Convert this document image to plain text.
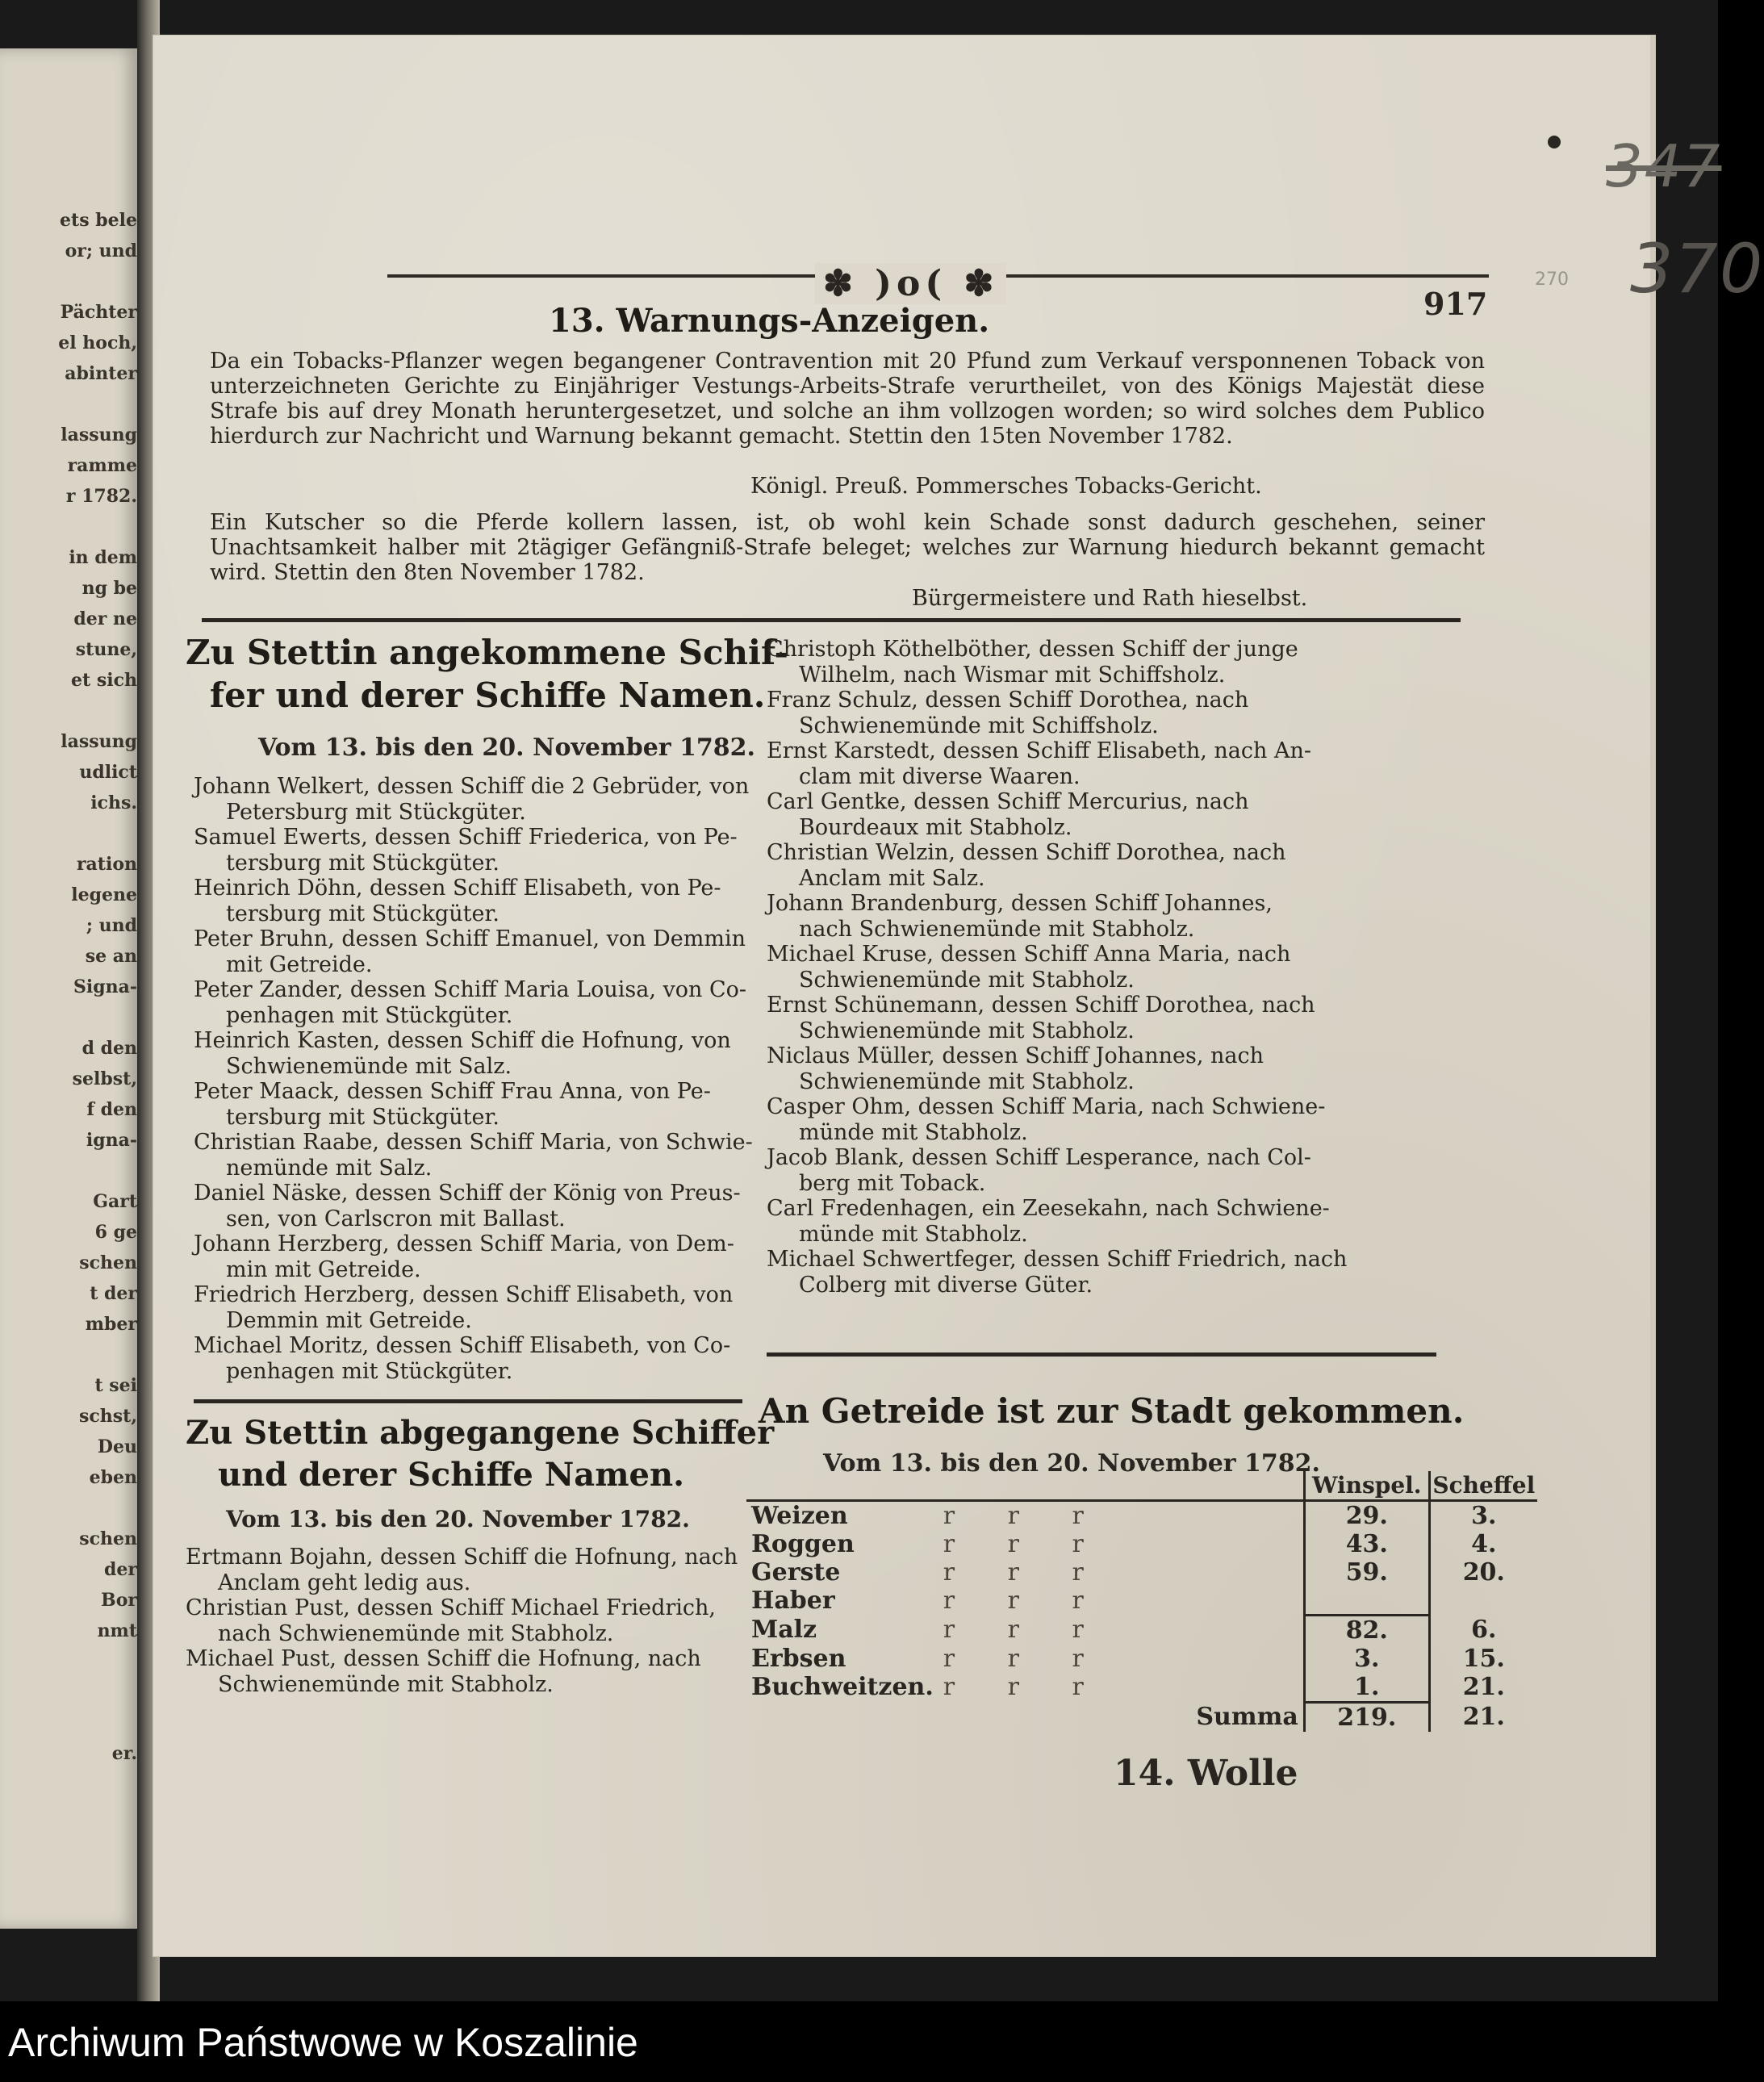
ets bele
or; und
Pächter
el hoch,
abinter
lassung
ramme
r 1782.
in dem
ng be
der ne
stune,
et sich
lassung
udlict
ichs.
ration
legene
; und
se an
Signa-
d den
selbst,
f den
igna-
Gart
6 ge
schen
t der
mber
t sei
schst,
Deu
eben
schen
der
Bor
nmt
er.
347
370
270
✽ )o( ✽	917
13. Warnungs-Anzeigen.
Da ein Tobacks-Pflanzer wegen begangener Contravention mit 20 Pfund zum Verkauf versponnenen Toback von unterzeichneten Gerichte zu Einjähriger Vestungs-Arbeits-Strafe verurtheilet, von des Königs Majestät diese Strafe bis auf drey Monath heruntergesetzet, und solche an ihm vollzogen worden; so wird solches dem Publico hierdurch zur Nachricht und Warnung bekannt gemacht. Stettin den 15ten November 1782.
Königl. Preuß. Pommersches Tobacks-Gericht.
Ein Kutscher so die Pferde kollern lassen, ist, ob wohl kein Schade sonst dadurch geschehen, seiner Unachtsamkeit halber mit 2tägiger Gefängniß-Strafe beleget; welches zur Warnung hiedurch bekannt gemacht wird. Stettin den 8ten November 1782.
Bürgermeistere und Rath hieselbst.
Zu Stettin angekommene Schif-
fer und derer Schiffe Namen.
Vom 13. bis den 20. November 1782.
Johann Welkert, dessen Schiff die 2 Gebrüder, von
Petersburg mit Stückgüter.
Samuel Ewerts, dessen Schiff Friederica, von Pe-
tersburg mit Stückgüter.
Heinrich Döhn, dessen Schiff Elisabeth, von Pe-
tersburg mit Stückgüter.
Peter Bruhn, dessen Schiff Emanuel, von Demmin
mit Getreide.
Peter Zander, dessen Schiff Maria Louisa, von Co-
penhagen mit Stückgüter.
Heinrich Kasten, dessen Schiff die Hofnung, von
Schwienemünde mit Salz.
Peter Maack, dessen Schiff Frau Anna, von Pe-
tersburg mit Stückgüter.
Christian Raabe, dessen Schiff Maria, von Schwie-
nemünde mit Salz.
Daniel Näske, dessen Schiff der König von Preus-
sen, von Carlscron mit Ballast.
Johann Herzberg, dessen Schiff Maria, von Dem-
min mit Getreide.
Friedrich Herzberg, dessen Schiff Elisabeth, von
Demmin mit Getreide.
Michael Moritz, dessen Schiff Elisabeth, von Co-
penhagen mit Stückgüter.
Christoph Köthelböther, dessen Schiff der junge
Wilhelm, nach Wismar mit Schiffsholz.
Franz Schulz, dessen Schiff Dorothea, nach
Schwienemünde mit Schiffsholz.
Ernst Karstedt, dessen Schiff Elisabeth, nach An-
clam mit diverse Waaren.
Carl Gentke, dessen Schiff Mercurius, nach
Bourdeaux mit Stabholz.
Christian Welzin, dessen Schiff Dorothea, nach
Anclam mit Salz.
Johann Brandenburg, dessen Schiff Johannes,
nach Schwienemünde mit Stabholz.
Michael Kruse, dessen Schiff Anna Maria, nach
Schwienemünde mit Stabholz.
Ernst Schünemann, dessen Schiff Dorothea, nach
Schwienemünde mit Stabholz.
Niclaus Müller, dessen Schiff Johannes, nach
Schwienemünde mit Stabholz.
Casper Ohm, dessen Schiff Maria, nach Schwiene-
münde mit Stabholz.
Jacob Blank, dessen Schiff Lesperance, nach Col-
berg mit Toback.
Carl Fredenhagen, ein Zeesekahn, nach Schwiene-
münde mit Stabholz.
Michael Schwertfeger, dessen Schiff Friedrich, nach
Colberg mit diverse Güter.
Zu Stettin abgegangene Schiffer
und derer Schiffe Namen.
Vom 13. bis den 20. November 1782.
Ertmann Bojahn, dessen Schiff die Hofnung, nach
Anclam geht ledig aus.
Christian Pust, dessen Schiff Michael Friedrich,
nach Schwienemünde mit Stabholz.
Michael Pust, dessen Schiff die Hofnung, nach
Schwienemünde mit Stabholz.
An Getreide ist zur Stadt gekommen.
Vom 13. bis den 20. November 1782.
		Winspel.	Scheffel
Weizen	r r r	29.	3.
Roggen	r r r	43.	4.
Gerste	r r r	59.	20.
Haber	r r r		
Malz	r r r	82.	6.
Erbsen	r r r	3.	15.
Buchweitzen.	r r r	1.	21.
	Summa	219.	21.
14. Wolle
Archiwum Państwowe w Koszalinie
